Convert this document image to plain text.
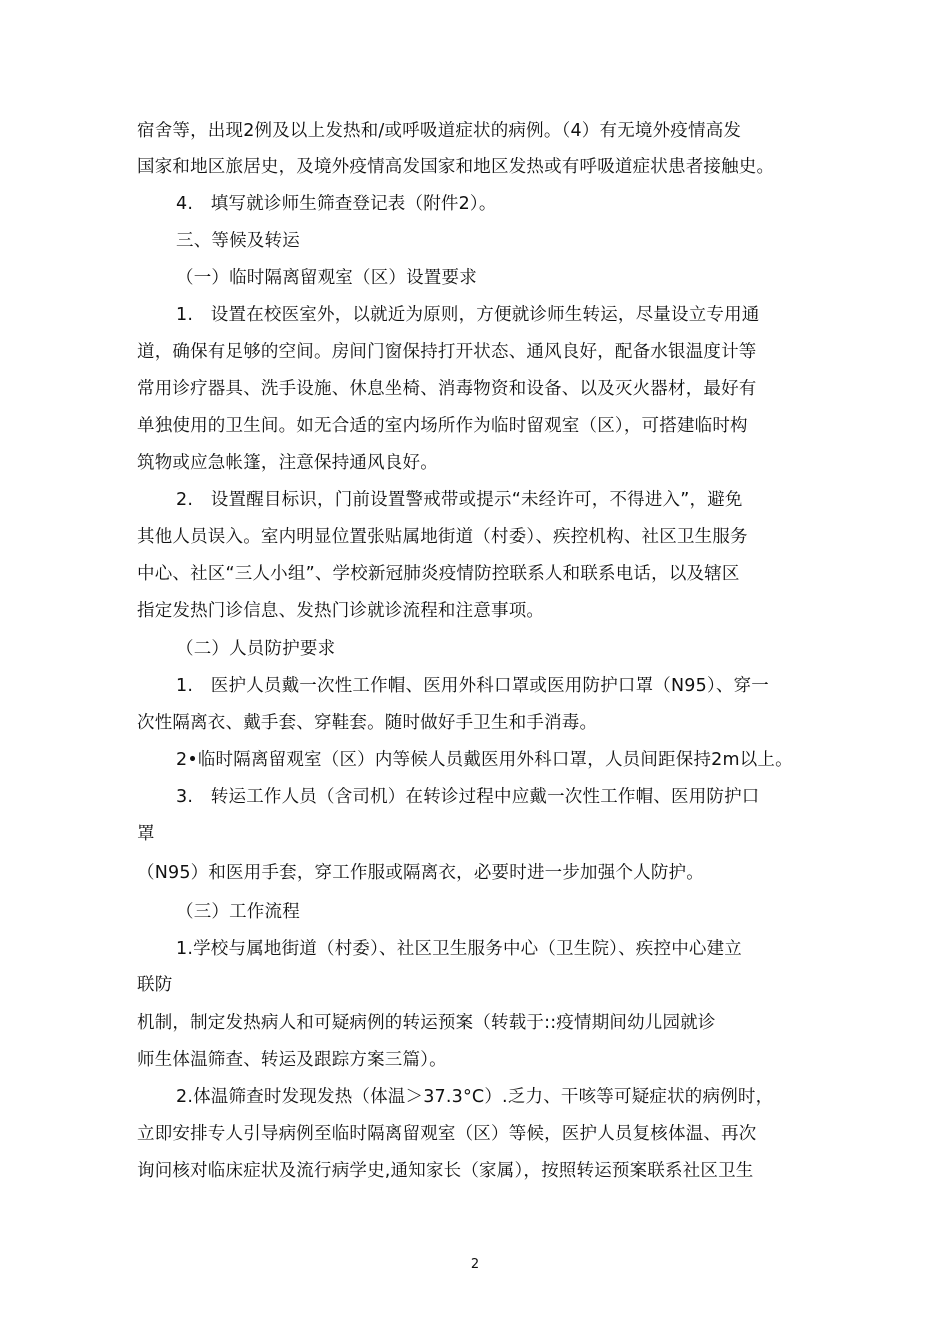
宿舍等，出现2例及以上发热和/或呼吸道症状的病例。（4）有无境外疫情高发
国家和地区旅居史，及境外疫情高发国家和地区发热或有呼吸道症状患者接触史。
4.　填写就诊师生筛查登记表（附件2）。
三、等候及转运
（一）临时隔离留观室（区）设置要求
1.　设置在校医室外，以就近为原则，方便就诊师生转运，尽量设立专用通
道，确保有足够的空间。房间门窗保持打开状态、通风良好，配备水银温度计等
常用诊疗器具、洗手设施、休息坐椅、消毒物资和设备、以及灭火器材，最好有
单独使用的卫生间。如无合适的室内场所作为临时留观室（区），可搭建临时构
筑物或应急帐篷，注意保持通风良好。
2.　设置醒目标识，门前设置警戒带或提示“未经许可，不得进入”，避免
其他人员误入。室内明显位置张贴属地街道（村委）、疾控机构、社区卫生服务
中心、社区“三人小组”、学校新冠肺炎疫情防控联系人和联系电话，以及辖区
指定发热门诊信息、发热门诊就诊流程和注意事项。
（二）人员防护要求
1.　医护人员戴一次性工作帽、医用外科口罩或医用防护口罩（N95）、穿一
次性隔离衣、戴手套、穿鞋套。随时做好手卫生和手消毒。
2•临时隔离留观室（区）内等候人员戴医用外科口罩，人员间距保持2m以上。
3.　转运工作人员（含司机）在转诊过程中应戴一次性工作帽、医用防护口
罩
（N95）和医用手套，穿工作服或隔离衣，必要时进一步加强个人防护。
（三）工作流程
1.学校与属地街道（村委）、社区卫生服务中心（卫生院）、疾控中心建立
联防
机制，制定发热病人和可疑病例的转运预案（转载于::疫情期间幼儿园就诊
师生体温筛查、转运及跟踪方案三篇）。
2.体温筛查时发现发热（体温＞37.3°C）.乏力、干咳等可疑症状的病例时，
立即安排专人引导病例至临时隔离留观室（区）等候，医护人员复核体温、再次
询问核对临床症状及流行病学史,通知家长（家属），按照转运预案联系社区卫生
2
